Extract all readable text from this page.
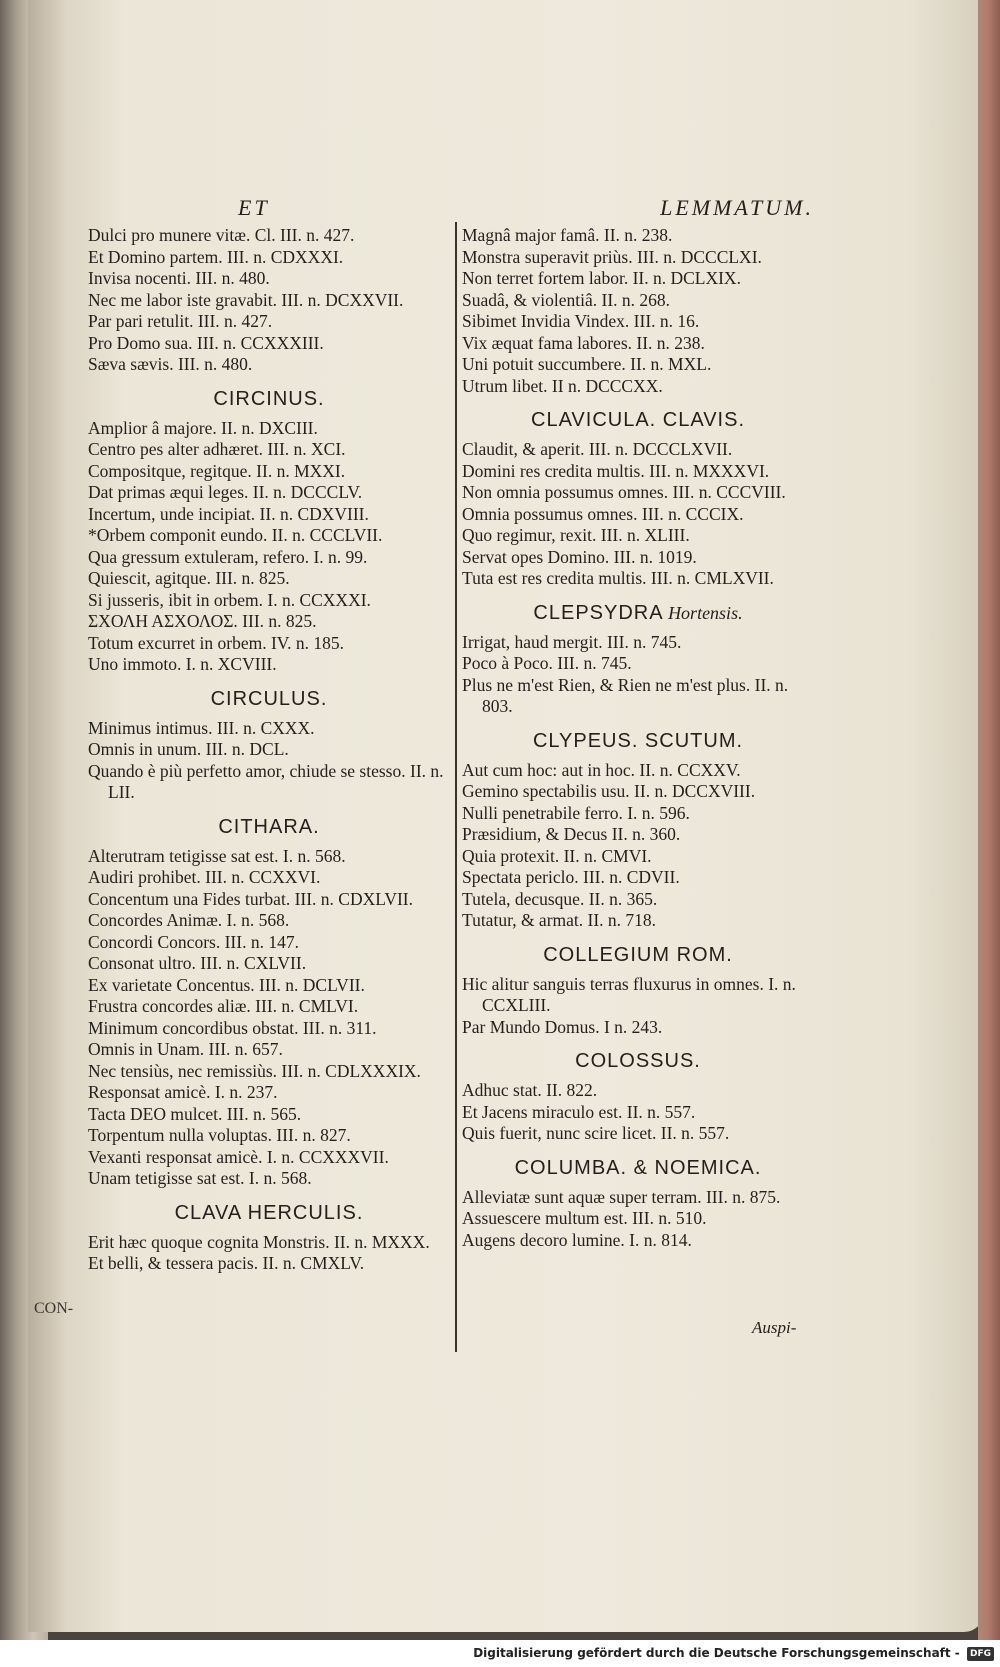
CON-
ET
Dulci pro munere vitæ. Cl. III. n. 427.
Et Domino partem. III. n. CDXXXI.
Invisa nocenti. III. n. 480.
Nec me labor iste gravabit. III. n. DCXXVII.
Par pari retulit. III. n. 427.
Pro Domo sua. III. n. CCXXXIII.
Sæva sævis. III. n. 480.
CIRCINUS.
Amplior â majore. II. n. DXCIII.
Centro pes alter adhæret. III. n. XCI.
Compositque, regitque. II. n. MXXI.
Dat primas æqui leges. II. n. DCCCLV.
Incertum, unde incipiat. II. n. CDXVIII.
*Orbem componit eundo. II. n. CCCLVII.
Qua gressum extuleram, refero. I. n. 99.
Quiescit, agitque. III. n. 825.
Si jusseris, ibit in orbem. I. n. CCXXXI.
ΣΧΟΛΗ ΑΣΧΟΛΟΣ. III. n. 825.
Totum excurret in orbem. IV. n. 185.
Uno immoto. I. n. XCVIII.
CIRCULUS.
Minimus intimus. III. n. CXXX.
Omnis in unum. III. n. DCL.
Quando è più perfetto amor, chiude se stesso. II. n. LII.
CITHARA.
Alterutram tetigisse sat est. I. n. 568.
Audiri prohibet. III. n. CCXXVI.
Concentum una Fides turbat. III. n. CDXLVII.
Concordes Animæ. I. n. 568.
Concordi Concors. III. n. 147.
Consonat ultro. III. n. CXLVII.
Ex varietate Concentus. III. n. DCLVII.
Frustra concordes aliæ. III. n. CMLVI.
Minimum concordibus obstat. III. n. 311.
Omnis in Unam. III. n. 657.
Nec tensiùs, nec remissiùs. III. n. CDLXXXIX.
Responsat amicè. I. n. 237.
Tacta DEO mulcet. III. n. 565.
Torpentum nulla voluptas. III. n. 827.
Vexanti responsat amicè. I. n. CCXXXVII.
Unam tetigisse sat est. I. n. 568.
CLAVA HERCULIS.
Erit hæc quoque cognita Monstris. II. n. MXXX.
Et belli, & tessera pacis. II. n. CMXLV.
LEMMATUM.
Magnâ major famâ. II. n. 238.
Monstra superavit priùs. III. n. DCCCLXI.
Non terret fortem labor. II. n. DCLXIX.
Suadâ, & violentiâ. II. n. 268.
Sibimet Invidia Vindex. III. n. 16.
Vix æquat fama labores. II. n. 238.
Uni potuit succumbere. II. n. MXL.
Utrum libet. II n. DCCCXX.
CLAVICULA. CLAVIS.
Claudit, & aperit. III. n. DCCCLXVII.
Domini res credita multis. III. n. MXXXVI.
Non omnia possumus omnes. III. n. CCCVIII.
Omnia possumus omnes. III. n. CCCIX.
Quo regimur, rexit. III. n. XLIII.
Servat opes Domino. III. n. 1019.
Tuta est res credita multis. III. n. CMLXVII.
CLEPSYDRA Hortensis.
Irrigat, haud mergit. III. n. 745.
Poco à Poco. III. n. 745.
Plus ne m'est Rien, & Rien ne m'est plus. II. n. 803.
CLYPEUS. SCUTUM.
Aut cum hoc: aut in hoc. II. n. CCXXV.
Gemino spectabilis usu. II. n. DCCXVIII.
Nulli penetrabile ferro. I. n. 596.
Præsidium, & Decus II. n. 360.
Quia protexit. II. n. CMVI.
Spectata periclo. III. n. CDVII.
Tutela, decusque. II. n. 365.
Tutatur, & armat. II. n. 718.
COLLEGIUM ROM.
Hic alitur sanguis terras fluxurus in omnes. I. n. CCXLIII.
Par Mundo Domus. I n. 243.
COLOSSUS.
Adhuc stat. II. 822.
Et Jacens miraculo est. II. n. 557.
Quis fuerit, nunc scire licet. II. n. 557.
COLUMBA. & NOEMICA.
Alleviatæ sunt aquæ super terram. III. n. 875.
Assuescere multum est. III. n. 510.
Augens decoro lumine. I. n. 814.
Auspi-
Digitalisierung gefördert durch die Deutsche Forschungsgemeinschaft - DFG
